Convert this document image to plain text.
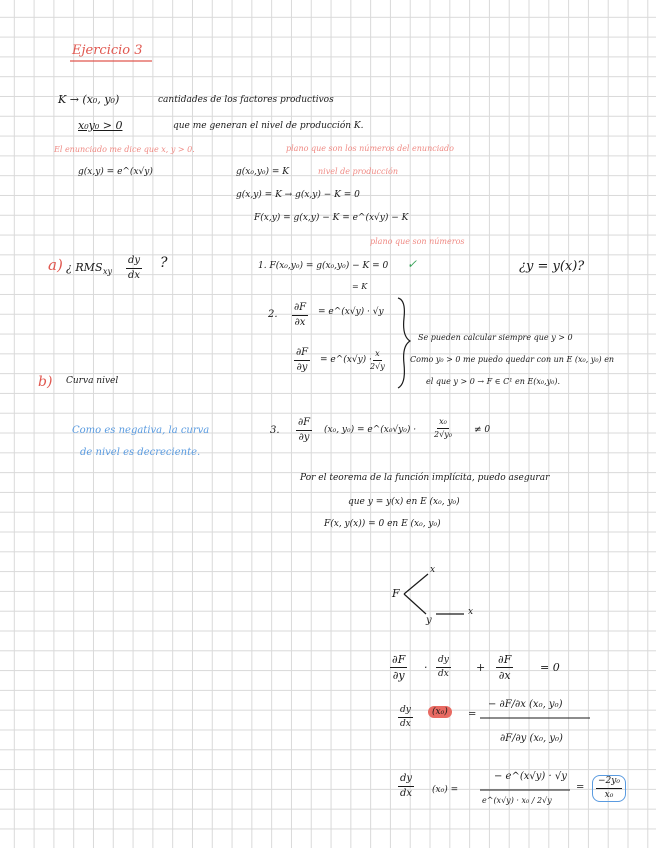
Ejercicio 3
K → (x₀, y₀)	cantidades de los factores productivos
x₀y₀ > 0	que me generan el nivel de producción K.
El enunciado me dice que x, y > 0.
g(x,y) = e^(x√y)
plano que son los números del enunciado
g(x₀,y₀) = K	nivel de producción
g(x,y) = K → g(x,y) − K = 0
F(x,y) = g(x,y) − K = e^(x√y) − K
plano que son números
a) ¿ RMS xy $\frac{dy}{dx}$ ?	¿y = y(x)?
1. F(x₀,y₀) = g(x₀,y₀) − K = 0 ✓
= K
2. $\frac{\partial F}{\partial x}$ = e^(x√y) · √y
$\frac{\partial F}{\partial y}$ = e^(x√y) ·
$\frac{x}{2√y}$
Se pueden calcular siempre que y > 0
Como y₀ > 0 me puedo quedar con un E (x₀, y₀) en
el que y > 0 → F ∈ C¹ en E(x₀,y₀).
b) Curva nivel
Como es negativa, la curva
de nivel es decreciente.
3. $\frac{\partial F}{\partial y} (x_0$, y₀) = e^(x₀√y₀) · $\frac{\text{x₀}}{\text{2√y₀}} \ne 0$
Por el teorema de la función implícita, puedo asegurar
que y = y(x) en E (x₀, y₀)
F(x, y(x)) = 0 en E (x₀, y₀)
F
x
y
x
$\frac{\partial F}{\partial y} \cdot \frac{dy}{dx} + \frac{\partial F}{\partial x} = 0$
$\frac{dy}{dx}$	(x₀)	=
− ∂F/∂x (x₀, y₀)
∂F/∂y (x₀, y₀)
$\frac{dy}{dx} (x_0)$ =
− e^(x√y) · √y
e^(x√y) · x₀ / 2√y
= $\frac{\text{−2y₀}}{\text{x₀}}$
